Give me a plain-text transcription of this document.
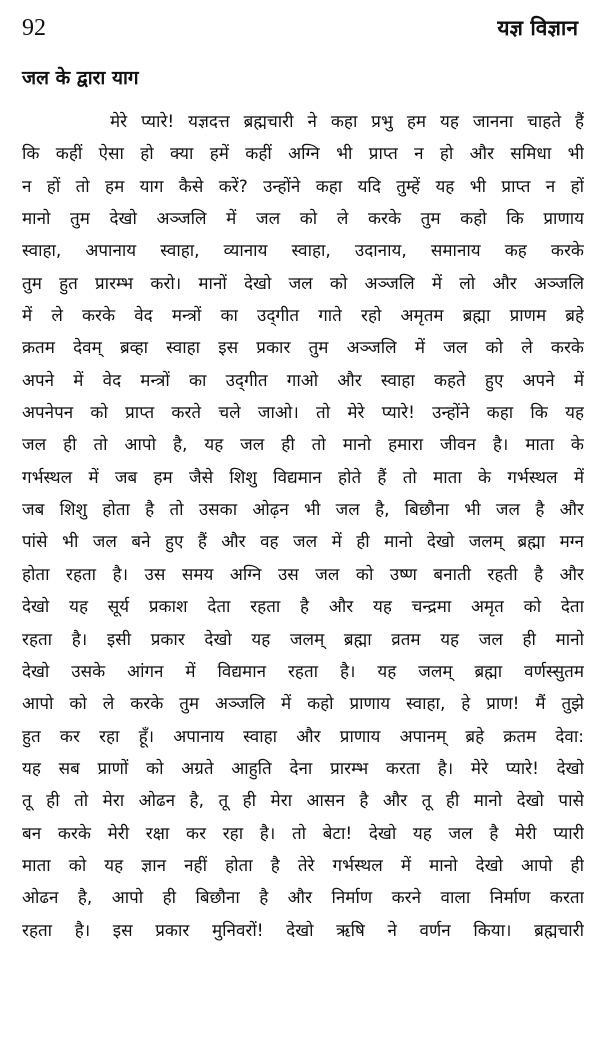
92	यज्ञ विज्ञान
जल के द्वारा याग
मेरे प्यारे! यज्ञदत्त ब्रह्मचारी ने कहा प्रभु हम यह जानना चाहते हैं
कि कहीं ऐसा हो क्या हमें कहीं अग्नि भी प्राप्त न हो और समिधा भी
न हों तो हम याग कैसे करें? उन्होंने कहा यदि तुम्हें यह भी प्राप्त न हों
मानो तुम देखो अञ्जलि में जल को ले करके तुम कहो कि प्राणाय
स्वाहा, अपानाय स्वाहा, व्यानाय स्वाहा, उदानाय, समानाय कह करके
तुम हुत प्रारम्भ करो। मानों देखो जल को अञ्जलि में लो और अञ्जलि
में ले करके वेद मन्त्रों का उद्‌गीत गाते रहो अमृतम ब्रह्मा प्राणम ब्रहे
क्रतम देवम् ब्रव्हा स्वाहा इस प्रकार तुम अञ्जलि में जल को ले करके
अपने में वेद मन्त्रों का उद्‌गीत गाओ और स्वाहा कहते हुए अपने में
अपनेपन को प्राप्त करते चले जाओ। तो मेरे प्यारे! उन्होंने कहा कि यह
जल ही तो आपो है, यह जल ही तो मानो हमारा जीवन है। माता के
गर्भस्थल में जब हम जैसे शिशु विद्यमान होते हैं तो माता के गर्भस्थल में
जब शिशु होता है तो उसका ओढ़न भी जल है, बिछौना भी जल है और
पांसे भी जल बने हुए हैं और वह जल में ही मानो देखो जलम् ब्रह्मा मग्न
होता रहता है। उस समय अग्नि उस जल को उष्ण बनाती रहती है और
देखो यह सूर्य प्रकाश देता रहता है और यह चन्द्रमा अमृत को देता
रहता है। इसी प्रकार देखो यह जलम् ब्रह्मा व्रतम यह जल ही मानो
देखो उसके आंगन में विद्यमान रहता है। यह जलम् ब्रह्मा वर्णस्सुतम
आपो को ले करके तुम अञ्जलि में कहो प्राणाय स्वाहा, हे प्राण! मैं तुझे
हुत कर रहा हूँ। अपानाय स्वाहा और प्राणाय अपानम् ब्रहे क्रतम देवा:
यह सब प्राणों को अग्रते आहुति देना प्रारम्भ करता है। मेरे प्यारे! देखो
तू ही तो मेरा ओढन है, तू ही मेरा आसन है और तू ही मानो देखो पासे
बन करके मेरी रक्षा कर रहा है। तो बेटा! देखो यह जल है मेरी प्यारी
माता को यह ज्ञान नहीं होता है तेरे गर्भस्थल में मानो देखो आपो ही
ओढन है, आपो ही बिछौना है और निर्माण करने वाला निर्माण करता
रहता है। इस प्रकार मुनिवरों! देखो ऋषि ने वर्णन किया। ब्रह्मचारी
